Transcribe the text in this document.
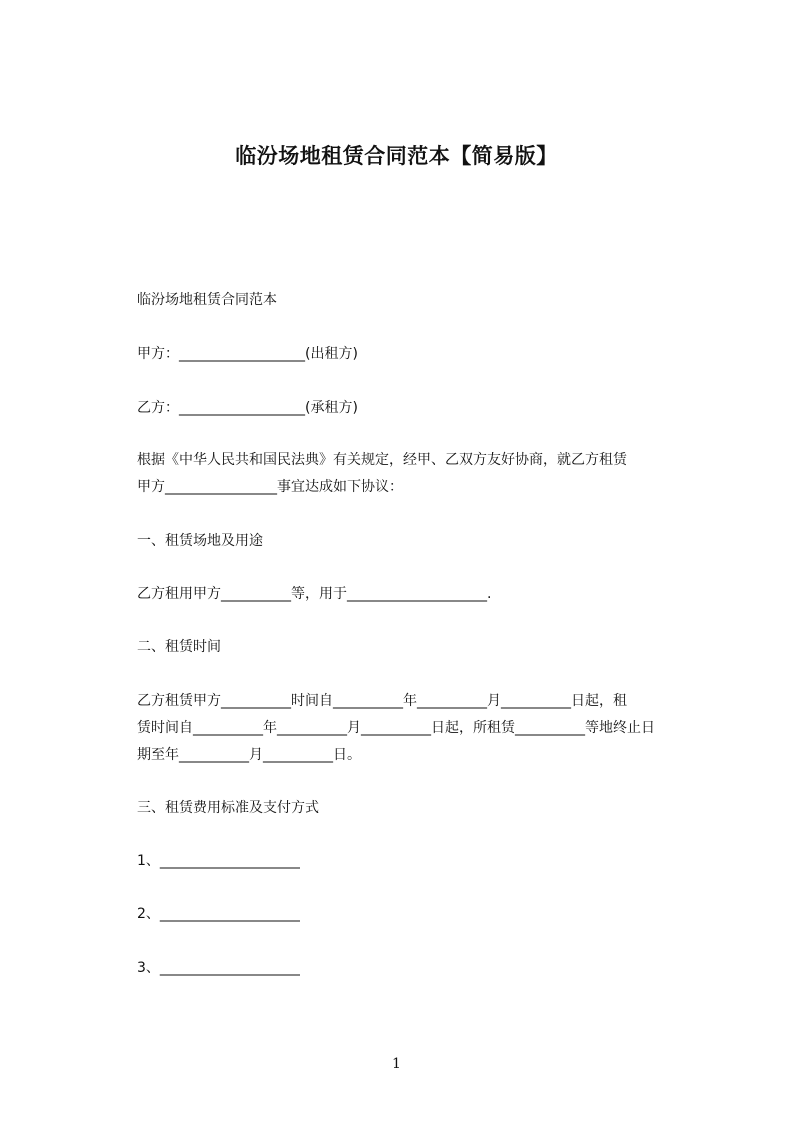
临汾场地租赁合同范本【简易版】
临汾场地租赁合同范本
甲方：__________________(出租方)
乙方：__________________(承租方)
根据《中华人民共和国民法典》有关规定，经甲、乙双方友好协商，就乙方租赁
甲方________________事宜达成如下协议：
一、租赁场地及用途
乙方租用甲方__________等，用于____________________.
二、租赁时间
乙方租赁甲方__________时间自__________年__________月__________日起，租
赁时间自__________年__________月__________日起，所租赁__________等地终止日
期至年__________月__________日。
三、租赁费用标准及支付方式
1、____________________
2、____________________
3、____________________
1
